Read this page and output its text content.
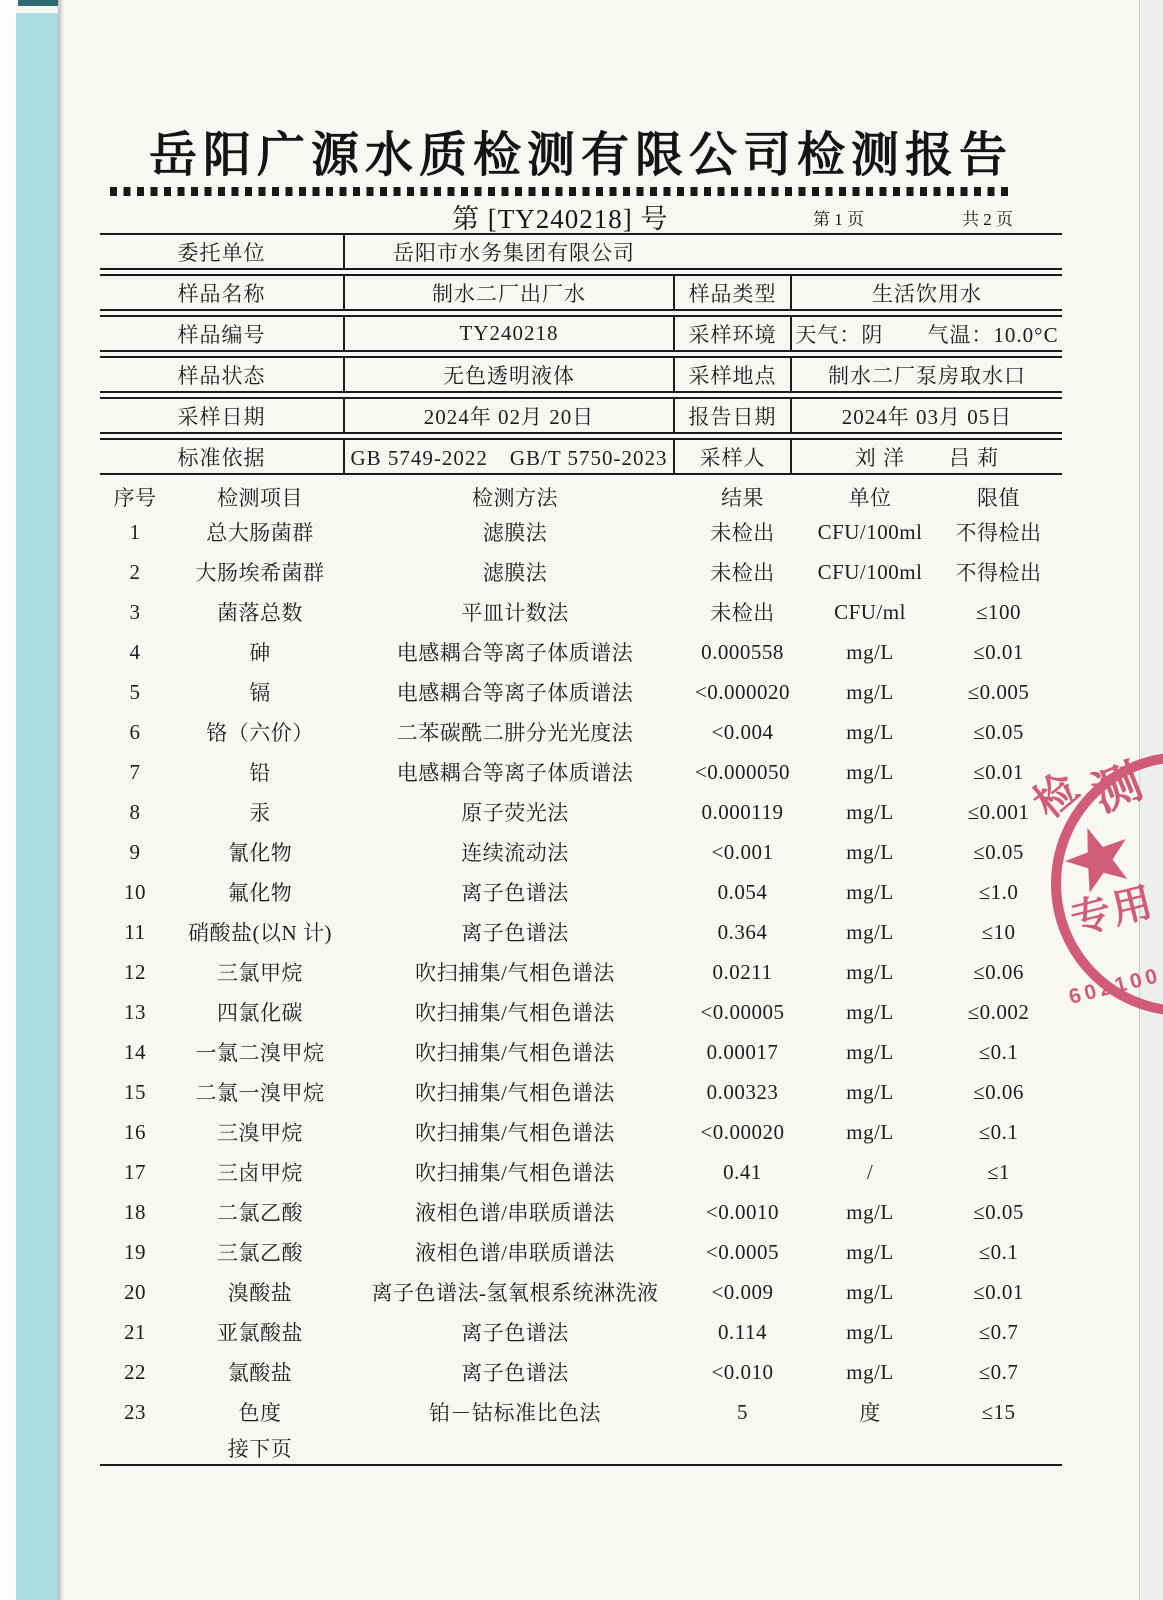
岳阳广源水质检测有限公司检测报告
第 [TY240218] 号	第 1 页	共 2 页
委托单位	岳阳市水务集团有限公司
样品名称	制水二厂出厂水	样品类型	生活饮用水
样品编号	TY240218	采样环境 天气：阴　　气温：10.0°C
样品状态	无色透明液体	采样地点	制水二厂泵房取水口
采样日期	2024年 02月 20日	报告日期	2024年 03月 05日
标准依据	GB 5749-2022　GB/T 5750-2023	采样人	刘 洋　　吕 莉
序号	检测项目	检测方法	结果	单位	限值
1	总大肠菌群	滤膜法	未检出	CFU/100ml	不得检出
2	大肠埃希菌群	滤膜法	未检出	CFU/100ml	不得检出
3	菌落总数	平皿计数法	未检出	CFU/ml	≤100
4	砷	电感耦合等离子体质谱法	0.000558	mg/L	≤0.01
5	镉	电感耦合等离子体质谱法	<0.000020	mg/L	≤0.005
6	铬（六价）	二苯碳酰二肼分光光度法	<0.004	mg/L	≤0.05
7	铅	电感耦合等离子体质谱法	<0.000050	mg/L	≤0.01
8	汞	原子荧光法	0.000119	mg/L	≤0.001
9	氰化物	连续流动法	<0.001	mg/L	≤0.05
10	氟化物	离子色谱法	0.054	mg/L	≤1.0
11	硝酸盐(以N 计)	离子色谱法	0.364	mg/L	≤10
12	三氯甲烷	吹扫捕集/气相色谱法	0.0211	mg/L	≤0.06
13	四氯化碳	吹扫捕集/气相色谱法	<0.00005	mg/L	≤0.002
14	一氯二溴甲烷	吹扫捕集/气相色谱法	0.00017	mg/L	≤0.1
15	二氯一溴甲烷	吹扫捕集/气相色谱法	0.00323	mg/L	≤0.06
16	三溴甲烷	吹扫捕集/气相色谱法	<0.00020	mg/L	≤0.1
17	三卤甲烷	吹扫捕集/气相色谱法	0.41	/	≤1
18	二氯乙酸	液相色谱/串联质谱法	<0.0010	mg/L	≤0.05
19	三氯乙酸	液相色谱/串联质谱法	<0.0005	mg/L	≤0.1
20	溴酸盐	离子色谱法-氢氧根系统淋洗液	<0.009	mg/L	≤0.01
21	亚氯酸盐	离子色谱法	0.114	mg/L	≤0.7
22	氯酸盐	离子色谱法	<0.010	mg/L	≤0.7
23	色度	铂－钴标准比色法	5	度	≤15
接下页
检
测
专用
602100
